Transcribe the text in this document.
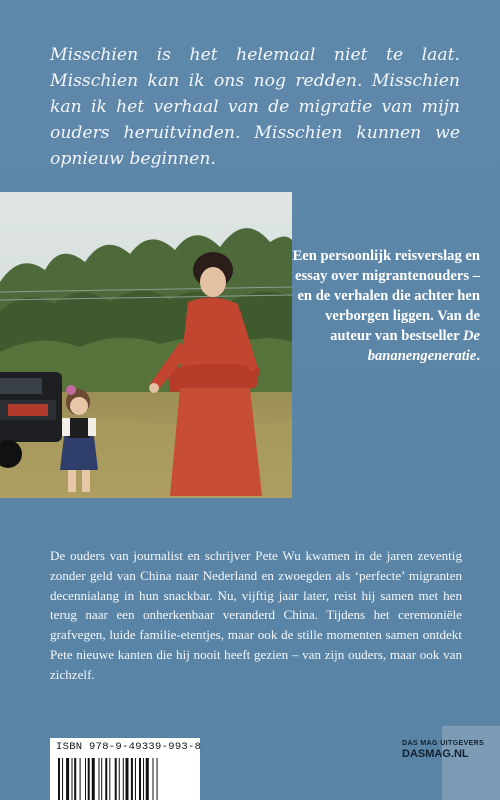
Misschien is het helemaal niet te laat. Misschien kan ik ons nog redden. Misschien kan ik het verhaal van de migratie van mijn ouders heruitvinden. Misschien kunnen we opnieuw beginnen.
Een persoonlijk reisverslag en essay over migrantenouders – en de verhalen die achter hen verborgen liggen. Van de auteur van bestseller De bananengeneratie.
De ouders van journalist en schrijver Pete Wu kwamen in de jaren zeventig zonder geld van China naar Nederland en zwoegden als ‘perfecte’ migranten decennialang in hun snackbar. Nu, vijftig jaar later, reist hij samen met hen terug naar een onherkenbaar veranderd China. Tijdens het ceremoniële grafvegen, luide familie-etentjes, maar ook de stille momenten samen ontdekt Pete nieuwe kanten die hij nooit heeft gezien – van zijn ouders, maar ook van zichzelf.
ISBN 978-9-49339-993-8	DAS MAG UITGEVERS
DASMAG.NL
